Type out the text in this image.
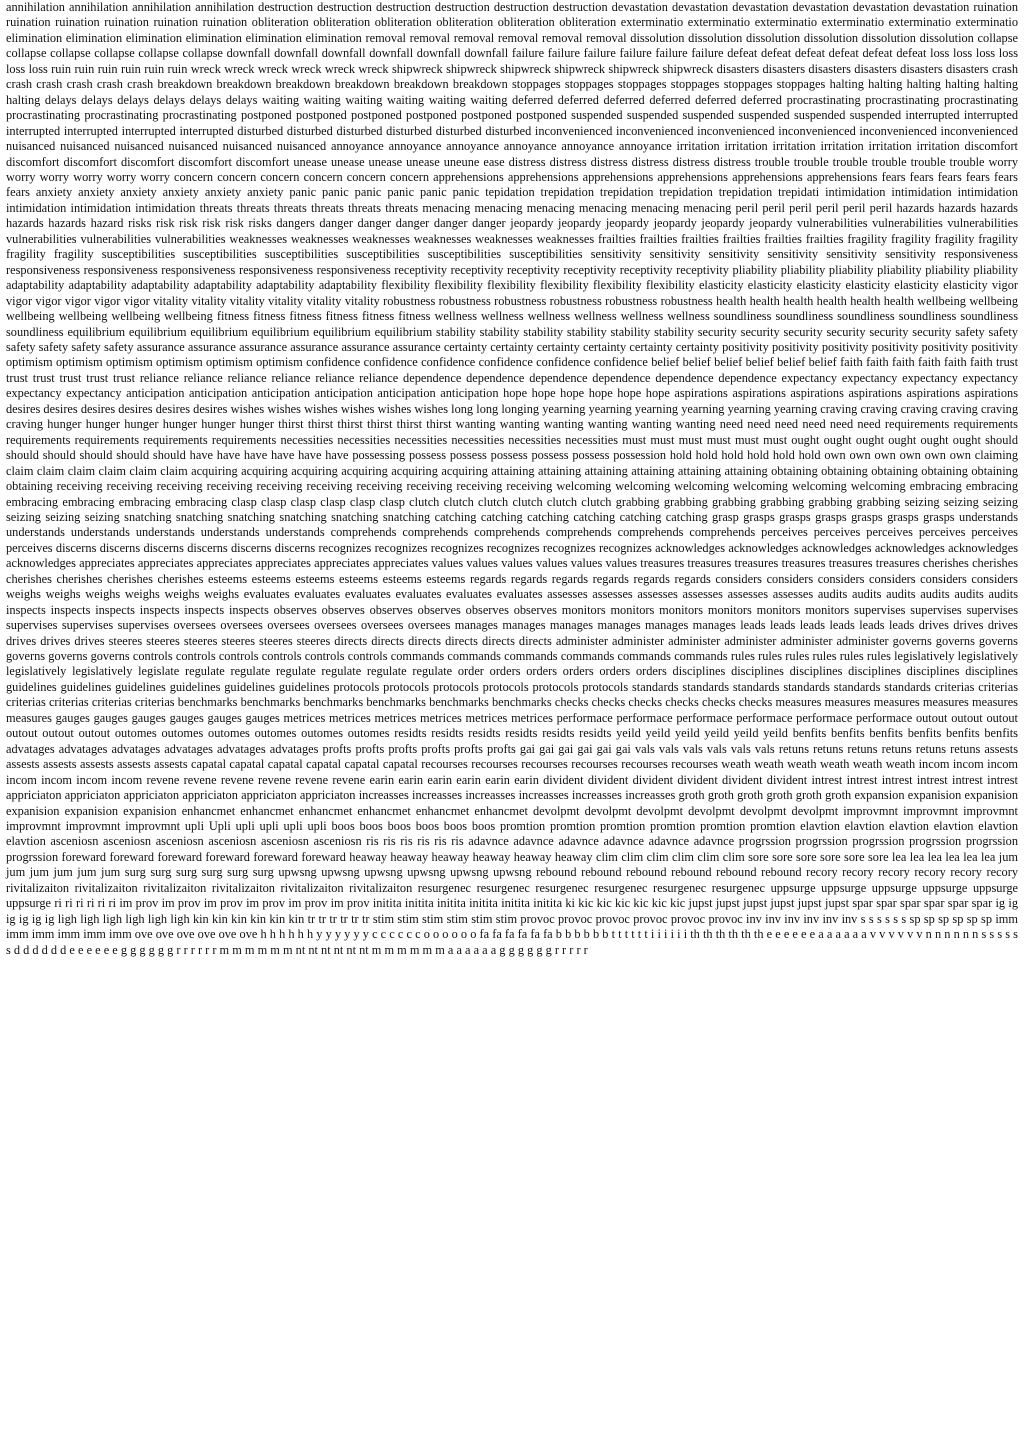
annihilation annihilation annihilation annihilation destruction destruction destruction destruction destruction destruction devastation devastation devastation devastation devastation devastation ruination ruination ruination ruination ruination ruination obliteration obliteration obliteration obliteration obliteration obliteration exterminatio exterminatio exterminatio exterminatio exterminatio exterminatio elimination elimination elimination elimination elimination elimination removal removal removal removal removal removal dissolution dissolution dissolution dissolution dissolution dissolution collapse collapse collapse collapse collapse collapse downfall downfall downfall downfall downfall downfall failure failure failure failure failure failure defeat defeat defeat defeat defeat defeat loss loss loss loss loss loss ruin ruin ruin ruin ruin ruin wreck wreck wreck wreck wreck wreck shipwreck shipwreck shipwreck shipwreck shipwreck shipwreck disasters disasters disasters disasters disasters disasters crash crash crash crash crash crash breakdown breakdown breakdown breakdown breakdown breakdown stoppages stoppages stoppages stoppages stoppages stoppages halting halting halting halting halting halting delays delays delays delays delays delays waiting waiting waiting waiting waiting waiting deferred deferred deferred deferred deferred deferred procrastinating procrastinating procrastinating procrastinating procrastinating procrastinating postponed postponed postponed postponed postponed postponed suspended suspended suspended suspended suspended suspended interrupted interrupted interrupted interrupted interrupted interrupted disturbed disturbed disturbed disturbed disturbed disturbed inconvenienced inconvenienced inconvenienced inconvenienced inconvenienced inconvenienced nuisanced nuisanced nuisanced nuisanced nuisanced nuisanced annoyance annoyance annoyance annoyance annoyance annoyance irritation irritation irritation irritation irritation irritation discomfort discomfort discomfort discomfort discomfort discomfort unease unease unease unease uneune ease distress distress distress distress distress distress trouble trouble trouble trouble trouble trouble worry worry worry worry worry worry concern concern concern concern concern concern apprehensions apprehensions apprehensions apprehensions apprehensions apprehensions fears fears fears fears fears fears anxiety anxiety anxiety anxiety anxiety anxiety panic panic panic panic panic panic tepidation trepidation trepidation trepidation trepidation trepidati intimidation intimidation intimidation intimidation intimidation intimidation threats threats threats threats threats threats menacing menacing menacing menacing menacing menacing peril peril peril peril peril peril hazards hazards hazards hazards hazards hazard risks risk risk risk risk risks dangers danger danger danger danger danger jeopardy jeopardy jeopardy jeopardy jeopardy jeopardy vulnerabilities vulnerabilities vulnerabilities vulnerabilities vulnerabilities vulnerabilities weaknesses weaknesses weaknesses weaknesses weaknesses weaknesses frailties frailties frailties frailties frailties frailties fragility fragility fragility fragility fragility fragility susceptibilities susceptibilities susceptibilities susceptibilities susceptibilities susceptibilities sensitivity sensitivity sensitivity sensitivity sensitivity sensitivity responsiveness responsiveness responsiveness responsiveness responsiveness responsiveness receptivity receptivity receptivity receptivity receptivity receptivity pliability pliability pliability pliability pliability pliability adaptability adaptability adaptability adaptability adaptability adaptability flexibility flexibility flexibility flexibility flexibility flexibility elasticity elasticity elasticity elasticity elasticity elasticity vigor vigor vigor vigor vigor vigor vitality vitality vitality vitality vitality vitality robustness robustness robustness robustness robustness robustness health health health health health health wellbeing wellbeing wellbeing wellbeing wellbeing wellbeing fitness fitness fitness fitness fitness fitness wellness wellness wellness wellness wellness wellness soundliness soundliness soundliness soundliness soundliness soundliness equilibrium equilibrium equilibrium equilibrium equilibrium equilibrium stability stability stability stability stability stability security security security security security security safety safety safety safety safety safety assurance assurance assurance assurance assurance assurance certainty certainty certainty certainty certainty certainty positivity positivity positivity positivity positivity positivity optimism optimism optimism optimism optimism optimism confidence confidence confidence confidence confidence confidence belief belief belief belief belief belief faith faith faith faith faith faith trust trust trust trust trust trust reliance reliance reliance reliance reliance reliance dependence dependence dependence dependence dependence dependence expectancy expectancy expectancy expectancy expectancy expectancy anticipation anticipation anticipation anticipation anticipation anticipation hope hope hope hope hope hope aspirations aspirations aspirations aspirations aspirations aspirations desires desires desires desires desires desires wishes wishes wishes wishes wishes wishes long long longing yearning yearning yearning yearning yearning yearning craving craving craving craving craving craving hunger hunger hunger hunger hunger hunger thirst thirst thirst thirst thirst thirst wanting wanting wanting wanting wanting wanting need need need need need need requirements requirements requirements requirements requirements requirements necessities necessities necessities necessities necessities necessities must must must must must must ought ought ought ought ought ought should should should should should should have have have have have have possessing possess possess possess possess possess possession hold hold hold hold hold hold own own own own own own claiming claim claim claim claim claim claim acquiring acquiring acquiring acquiring acquiring acquiring attaining attaining attaining attaining attaining attaining obtaining obtaining obtaining obtaining obtaining obtaining receiving receiving receiving receiving receiving receiving receiving receiving receiving receiving welcoming welcoming welcoming welcoming welcoming welcoming embracing embracing embracing embracing embracing embracing clasp clasp clasp clasp clasp clasp clutch clutch clutch clutch clutch clutch grabbing grabbing grabbing grabbing grabbing grabbing seizing seizing seizing seizing seizing seizing snatching snatching snatching snatching snatching snatching catching catching catching catching catching catching grasp grasps grasps grasps grasps grasps grasps understands understands understands understands understands understands comprehends comprehends comprehends comprehends comprehends comprehends perceives perceives perceives perceives perceives perceives discerns discerns discerns discerns discerns discerns recognizes recognizes recognizes recognizes recognizes recognizes acknowledges acknowledges acknowledges acknowledges acknowledges acknowledges appreciates appreciates appreciates appreciates appreciates appreciates values values values values values values treasures treasures treasures treasures treasures treasures cherishes cherishes cherishes cherishes cherishes cherishes esteems esteems esteems esteems esteems esteems regards regards regards regards regards regards considers considers considers considers considers considers weighs weighs weighs weighs weighs weighs evaluates evaluates evaluates evaluates evaluates evaluates assesses assesses assesses assesses assesses assesses audits audits audits audits audits audits inspects inspects inspects inspects inspects inspects observes observes observes observes observes observes monitors monitors monitors monitors monitors monitors supervises supervises supervises supervises supervises supervises oversees oversees oversees oversees oversees oversees manages manages manages manages manages manages leads leads leads leads leads leads drives drives drives drives drives drives steeres steeres steeres steeres steeres steeres directs directs directs directs directs directs administer administer administer administer administer administer governs governs governs governs governs governs controls controls controls controls controls controls commands commands commands commands commands commands rules rules rules rules rules rules legislatively legislatively legislatively legislatively legislate regulate regulate regulate regulate regulate regulate order orders orders orders orders orders disciplines disciplines disciplines disciplines disciplines disciplines guidelines guidelines guidelines guidelines guidelines guidelines protocols protocols protocols protocols protocols protocols standards standards standards standards standards standards criterias criterias criterias criterias criterias criterias benchmarks benchmarks benchmarks benchmarks benchmarks benchmarks checks checks checks checks checks checks measures measures measures measures measures measures gauges gauges gauges gauges gauges gauges metrices metrices metrices metrices metrices metrices performace performace performace performace performace performace outout outout outout outout outout outout outomes outomes outomes outomes outomes outomes residts residts residts residts residts residts yeild yeild yeild yeild yeild yeild benfits benfits benfits benfits benfits benfits advatages advatages advatages advatages advatages advatages profts profts profts profts profts profts gai gai gai gai gai gai vals vals vals vals vals vals retuns retuns retuns retuns retuns retuns assests assests assests assests assests assests capatal capatal capatal capatal capatal capatal recourses recourses recourses recourses recourses recourses weath weath weath weath weath weath incom incom incom incom incom incom incom revene revene revene revene revene revene earin earin earin earin earin earin divident divident divident divident divident divident intrest intrest intrest intrest intrest intrest appriciaton appriciaton appriciaton appriciaton appriciaton appriciaton increasses increasses increasses increasses increasses increasses groth groth groth groth groth groth expansion expanision expanision expanision expanision expanision enhancmet enhancmet enhancmet enhancmet enhancmet enhancmet devolpmt devolpmt devolpmt devolpmt devolpmt devolpmt improvmnt improvmnt improvmnt improvmnt improvmnt improvmnt upli Upli upli upli upli upli boos boos boos boos boos boos promtion promtion promtion promtion promtion promtion elavtion elavtion elavtion elavtion elavtion elavtion asceniosn asceniosn asceniosn asceniosn asceniosn asceniosn ris ris ris ris ris ris adavnce adavnce adavnce adavnce adavnce adavnce progrssion progrssion progrssion progrssion progrssion progrssion foreward foreward foreward foreward foreward foreward heaway heaway heaway heaway heaway heaway clim clim clim clim clim clim sore sore sore sore sore sore lea lea lea lea lea lea jum jum jum jum jum jum surg surg surg surg surg surg upwsng upwsng upwsng upwsng upwsng upwsng rebound rebound rebound rebound rebound rebound recory recory recory recory recory recory rivitalizaiton rivitalizaiton rivitalizaiton rivitalizaiton rivitalizaiton rivitalizaiton resurgenec resurgenec resurgenec resurgenec resurgenec resurgenec uppsurge uppsurge uppsurge uppsurge uppsurge uppsurge ri ri ri ri ri ri im prov im prov im prov im prov im prov im prov initita initita initita initita initita initita ki kic kic kic kic kic kic jupst jupst jupst jupst jupst jupst spar spar spar spar spar spar ig ig ig ig ig ig ligh ligh ligh ligh ligh ligh kin kin kin kin kin kin tr tr tr tr tr tr stim stim stim stim stim stim provoc provoc provoc provoc provoc provoc inv inv inv inv inv inv s s s s s s sp sp sp sp sp sp imm imm imm imm imm imm ove ove ove ove ove ove h h h h h h y y y y y y c c c c c c o o o o o o fa fa fa fa fa fa b b b b b b t t t t t t i i i i i i th th th th th th e e e e e e a a a a a a v v v v v v n n n n n n s s s s s s d d d d d d e e e e e e g g g g g g r r r r r r m m m m m m nt nt nt nt nt nt m m m m m m a a a a a a g g g g g g r r r r r
